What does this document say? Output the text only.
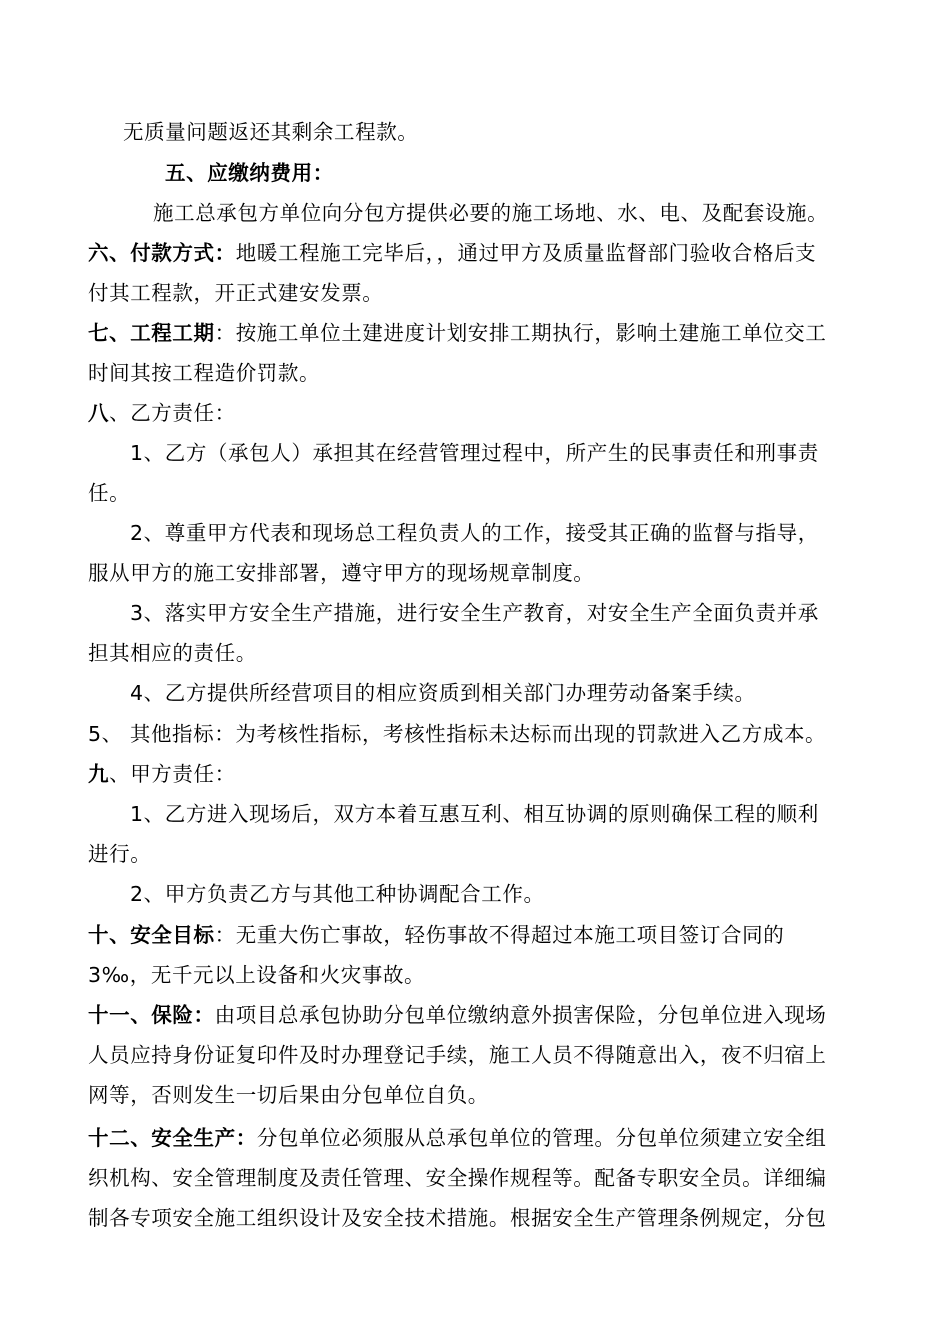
无质量问题返还其剩余工程款。
五、应缴纳费用：
施工总承包方单位向分包方提供必要的施工场地、水、电、及配套设施。
六、付款方式：地暖工程施工完毕后，，通过甲方及质量监督部门验收合格后支
付其工程款，开正式建安发票。
七、工程工期：按施工单位土建进度计划安排工期执行，影响土建施工单位交工
时间其按工程造价罚款。
八、乙方责任：
1、乙方（承包人）承担其在经营管理过程中，所产生的民事责任和刑事责
任。
2、尊重甲方代表和现场总工程负责人的工作，接受其正确的监督与指导，
服从甲方的施工安排部署，遵守甲方的现场规章制度。
3、落实甲方安全生产措施，进行安全生产教育，对安全生产全面负责并承
担其相应的责任。
4、乙方提供所经营项目的相应资质到相关部门办理劳动备案手续。
5、 其他指标：为考核性指标，考核性指标未达标而出现的罚款进入乙方成本。
九、甲方责任：
1、乙方进入现场后，双方本着互惠互利、相互协调的原则确保工程的顺利
进行。
2、甲方负责乙方与其他工种协调配合工作。
十、安全目标：无重大伤亡事故，轻伤事故不得超过本施工项目签订合同的
3‰，无千元以上设备和火灾事故。
十一、保险：由项目总承包协助分包单位缴纳意外损害保险，分包单位进入现场
人员应持身份证复印件及时办理登记手续，施工人员不得随意出入，夜不归宿上
网等，否则发生一切后果由分包单位自负。
十二、安全生产：分包单位必须服从总承包单位的管理。分包单位须建立安全组
织机构、安全管理制度及责任管理、安全操作规程等。配备专职安全员。详细编
制各专项安全施工组织设计及安全技术措施。根据安全生产管理条例规定，分包
